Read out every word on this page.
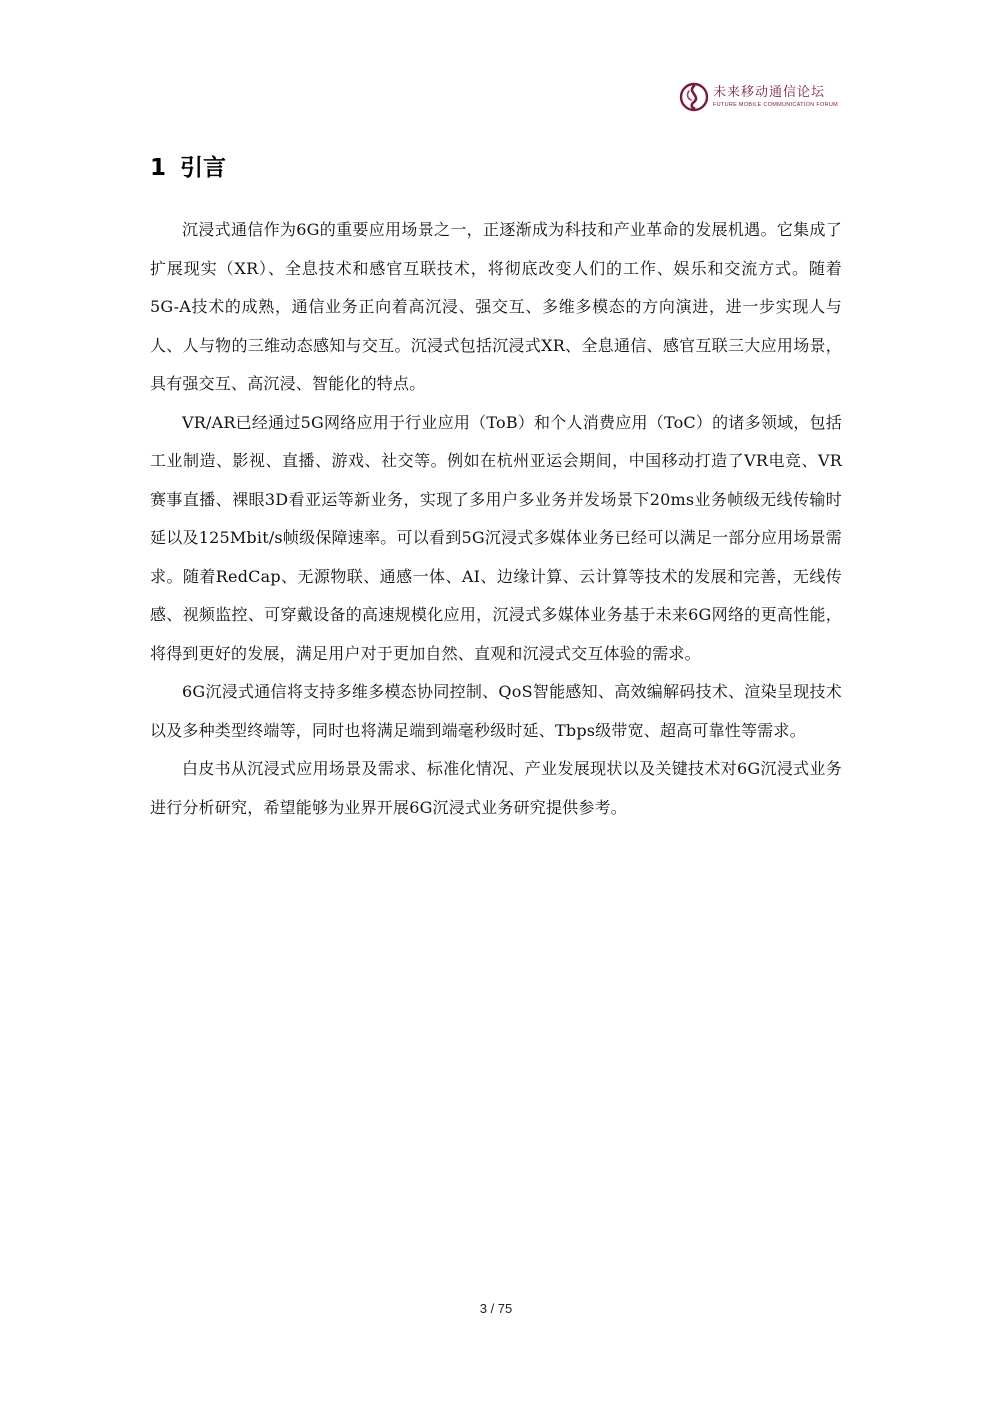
未来移动通信论坛
FUTURE MOBILE COMMUNICATION FORUM
1 引言

沉浸式通信作为6G的重要应用场景之一，正逐渐成为科技和产业革命的发展机遇。它集成了扩展现实（XR）、全息技术和感官互联技术，将彻底改变人们的工作、娱乐和交流方式。随着5G-A技术的成熟，通信业务正向着高沉浸、强交互、多维多模态的方向演进，进一步实现人与人、人与物的三维动态感知与交互。沉浸式包括沉浸式XR、全息通信、感官互联三大应用场景，具有强交互、高沉浸、智能化的特点。

VR/AR已经通过5G网络应用于行业应用（ToB）和个人消费应用（ToC）的诸多领域，包括工业制造、影视、直播、游戏、社交等。例如在杭州亚运会期间，中国移动打造了VR电竞、VR赛事直播、裸眼3D看亚运等新业务，实现了多用户多业务并发场景下20ms业务帧级无线传输时延以及125Mbit/s帧级保障速率。可以看到5G沉浸式多媒体业务已经可以满足一部分应用场景需求。随着RedCap、无源物联、通感一体、AI、边缘计算、云计算等技术的发展和完善，无线传感、视频监控、可穿戴设备的高速规模化应用，沉浸式多媒体业务基于未来6G网络的更高性能，将得到更好的发展，满足用户对于更加自然、直观和沉浸式交互体验的需求。

6G沉浸式通信将支持多维多模态协同控制、QoS智能感知、高效编解码技术、渲染呈现技术以及多种类型终端等，同时也将满足端到端毫秒级时延、Tbps级带宽、超高可靠性等需求。

白皮书从沉浸式应用场景及需求、标准化情况、产业发展现状以及关键技术对6G沉浸式业务进行分析研究，希望能够为业界开展6G沉浸式业务研究提供参考。

3 / 75
